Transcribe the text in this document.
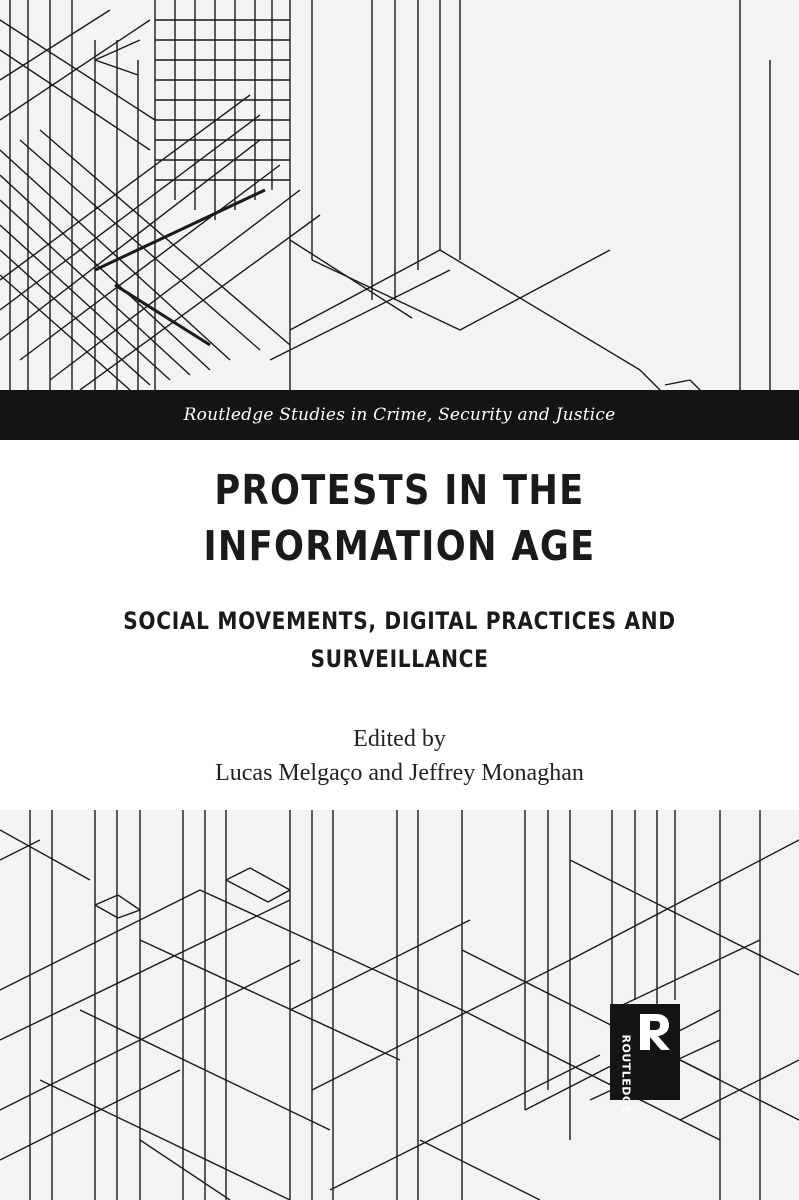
Routledge Studies in Crime, Security and Justice
PROTESTS IN THE
INFORMATION AGE
SOCIAL MOVEMENTS, DIGITAL PRACTICES AND
SURVEILLANCE
Edited by
Lucas Melgaço and Jeffrey Monaghan
ROUTLEDGE
